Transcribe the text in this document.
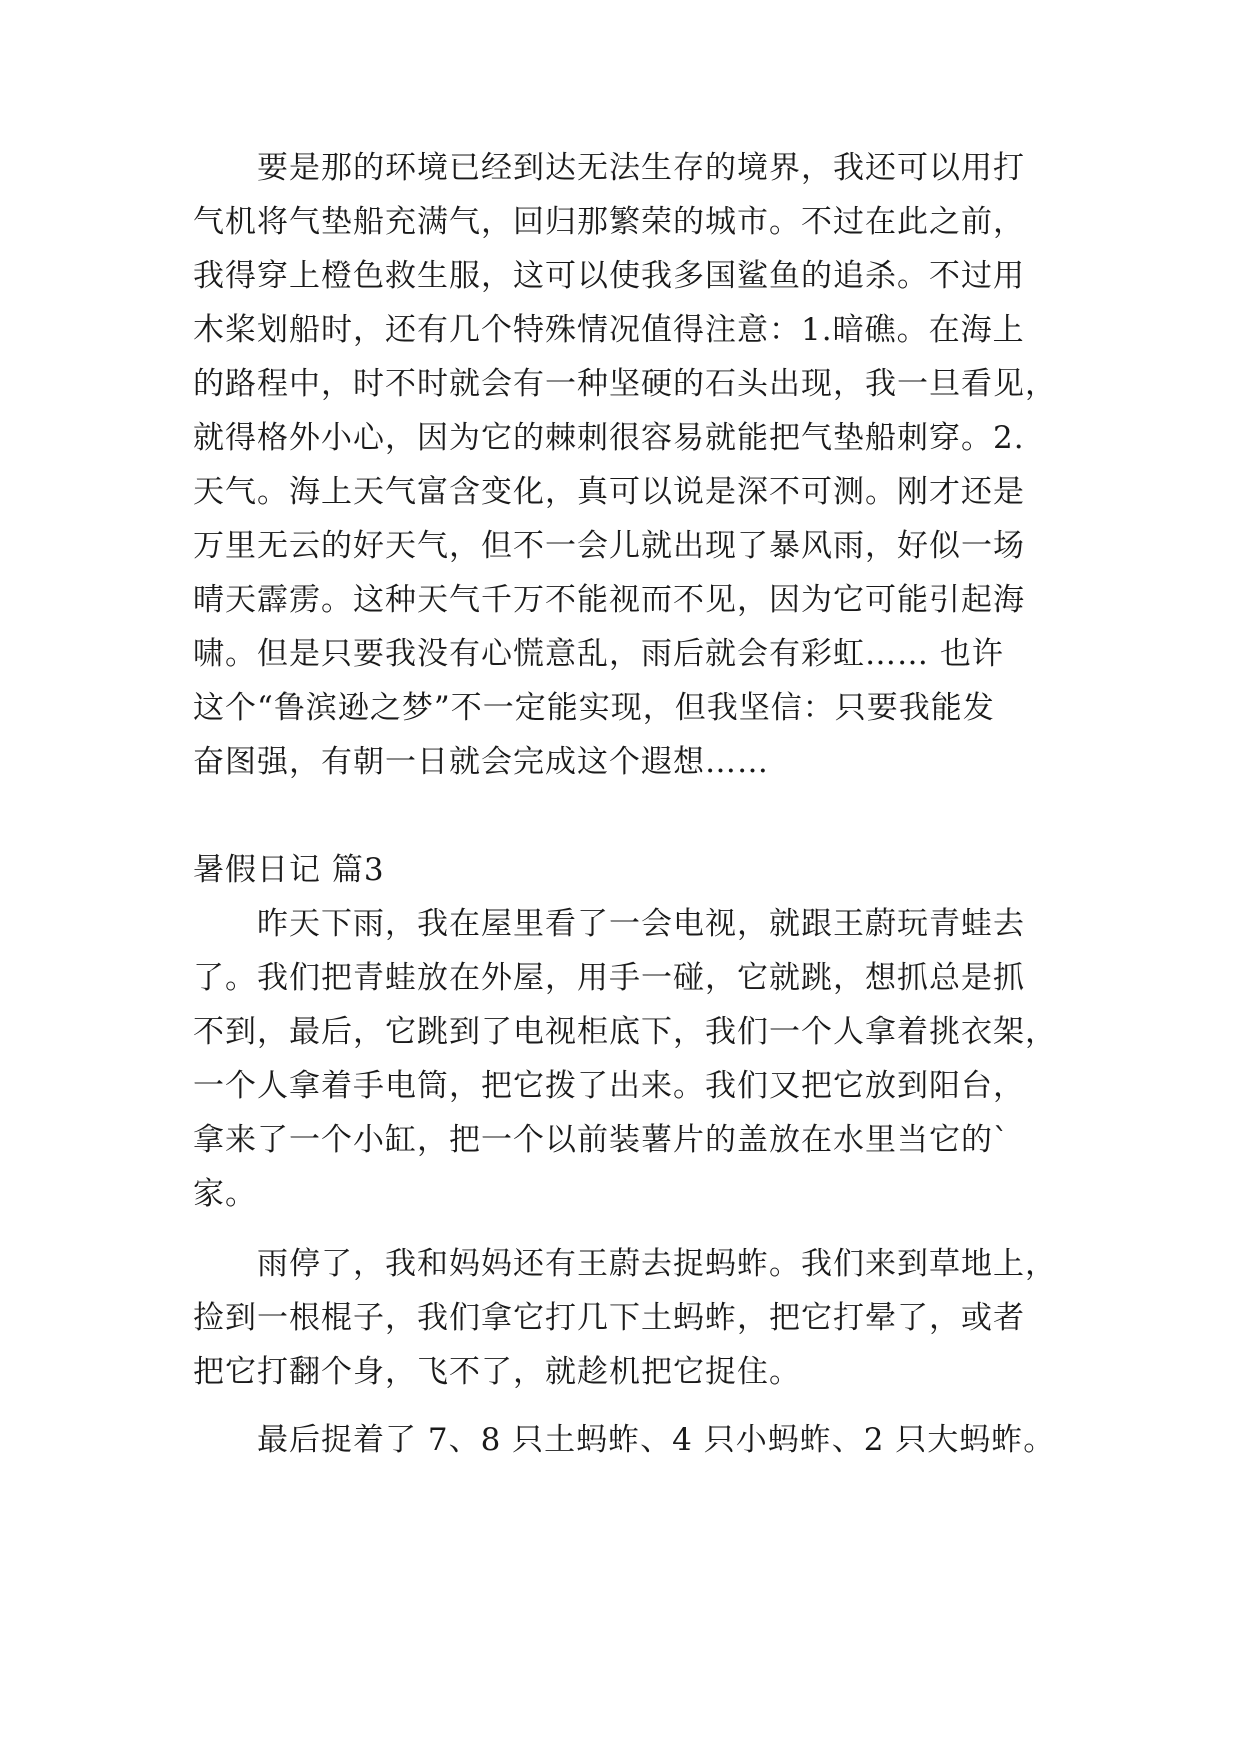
要是那的环境已经到达无法生存的境界，我还可以用打
气机将气垫船充满气，回归那繁荣的城市。不过在此之前，
我得穿上橙色救生服，这可以使我多国鲨鱼的追杀。不过用
木桨划船时，还有几个特殊情况值得注意：1.暗礁。在海上
的路程中，时不时就会有一种坚硬的石头出现，我一旦看见，
就得格外小心，因为它的棘刺很容易就能把气垫船刺穿。2.
天气。海上天气富含变化，真可以说是深不可测。刚才还是
万里无云的好天气，但不一会儿就出现了暴风雨，好似一场
晴天霹雳。这种天气千万不能视而不见，因为它可能引起海
啸。但是只要我没有心慌意乱，雨后就会有彩虹…… 也许
这个“鲁滨逊之梦”不一定能实现，但我坚信：只要我能发
奋图强，有朝一日就会完成这个遐想……
暑假日记 篇3
昨天下雨，我在屋里看了一会电视，就跟王蔚玩青蛙去
了。我们把青蛙放在外屋，用手一碰，它就跳，想抓总是抓
不到，最后，它跳到了电视柜底下，我们一个人拿着挑衣架，
一个人拿着手电筒，把它拨了出来。我们又把它放到阳台，
拿来了一个小缸，把一个以前装薯片的盖放在水里当它的`
家。
雨停了，我和妈妈还有王蔚去捉蚂蚱。我们来到草地上，
捡到一根棍子，我们拿它打几下土蚂蚱，把它打晕了，或者
把它打翻个身，飞不了，就趁机把它捉住。
最后捉着了 7、8 只土蚂蚱、4 只小蚂蚱、2 只大蚂蚱。
